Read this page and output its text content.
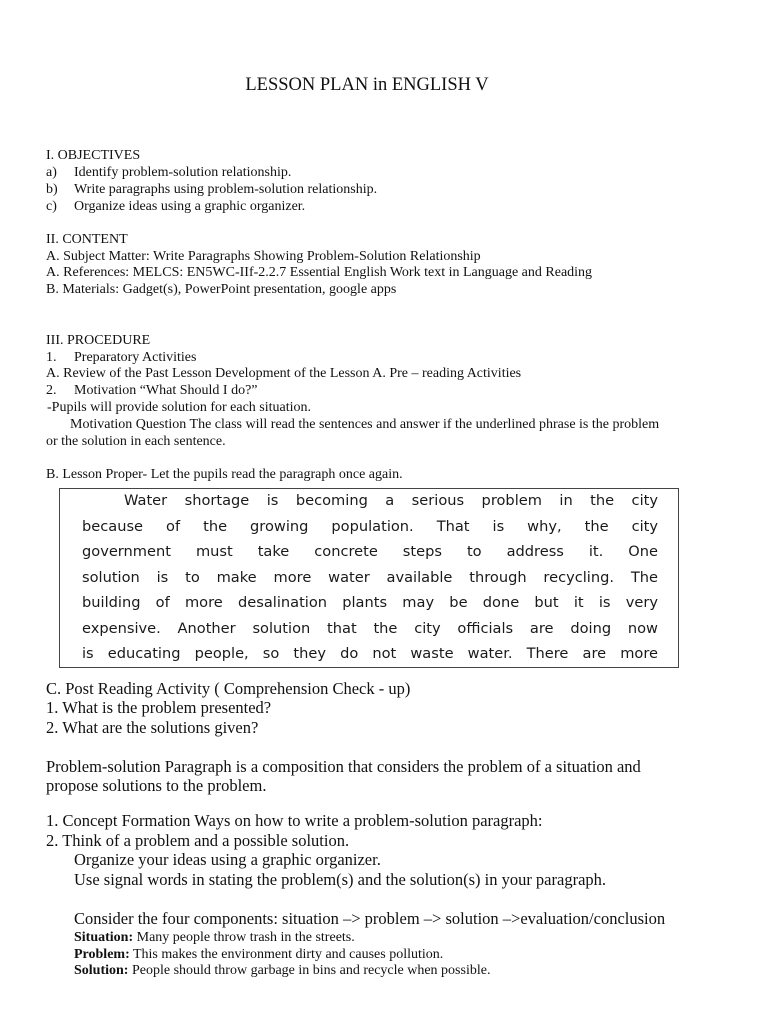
LESSON PLAN in ENGLISH V
I. OBJECTIVES
a) Identify problem-solution relationship.
b) Write paragraphs using problem-solution relationship.
c) Organize ideas using a graphic organizer.
II. CONTENT
A. Subject Matter: Write Paragraphs Showing Problem-Solution Relationship
A. References: MELCS: EN5WC-IIf-2.2.7 Essential English Work text in Language and Reading
B. Materials: Gadget(s), PowerPoint presentation, google apps
III. PROCEDURE
1. Preparatory Activities
A. Review of the Past Lesson Development of the Lesson A. Pre – reading Activities
2. Motivation “What Should I do?”
-Pupils will provide solution for each situation.
Motivation Question The class will read the sentences and answer if the underlined phrase is the problem
or the solution in each sentence.
B. Lesson Proper- Let the pupils read the paragraph once again.
Water shortage is becoming a serious problem in the city
because of the growing population. That is why, the city
government must take concrete steps to address it. One
solution is to make more water available through recycling. The
building of more desalination plants may be done but it is very
expensive. Another solution that the city officials are doing now
is educating people, so they do not waste water. There are more
C. Post Reading Activity ( Comprehension Check - up)
1. What is the problem presented?
2. What are the solutions given?
Problem-solution Paragraph is a composition that considers the problem of a situation and
propose solutions to the problem.
1. Concept Formation Ways on how to write a problem-solution paragraph:
2. Think of a problem and a possible solution.
Organize your ideas using a graphic organizer.
Use signal words in stating the problem(s) and the solution(s) in your paragraph.
Consider the four components: situation –> problem –> solution –>evaluation/conclusion
Situation: Many people throw trash in the streets.
Problem: This makes the environment dirty and causes pollution.
Solution: People should throw garbage in bins and recycle when possible.
